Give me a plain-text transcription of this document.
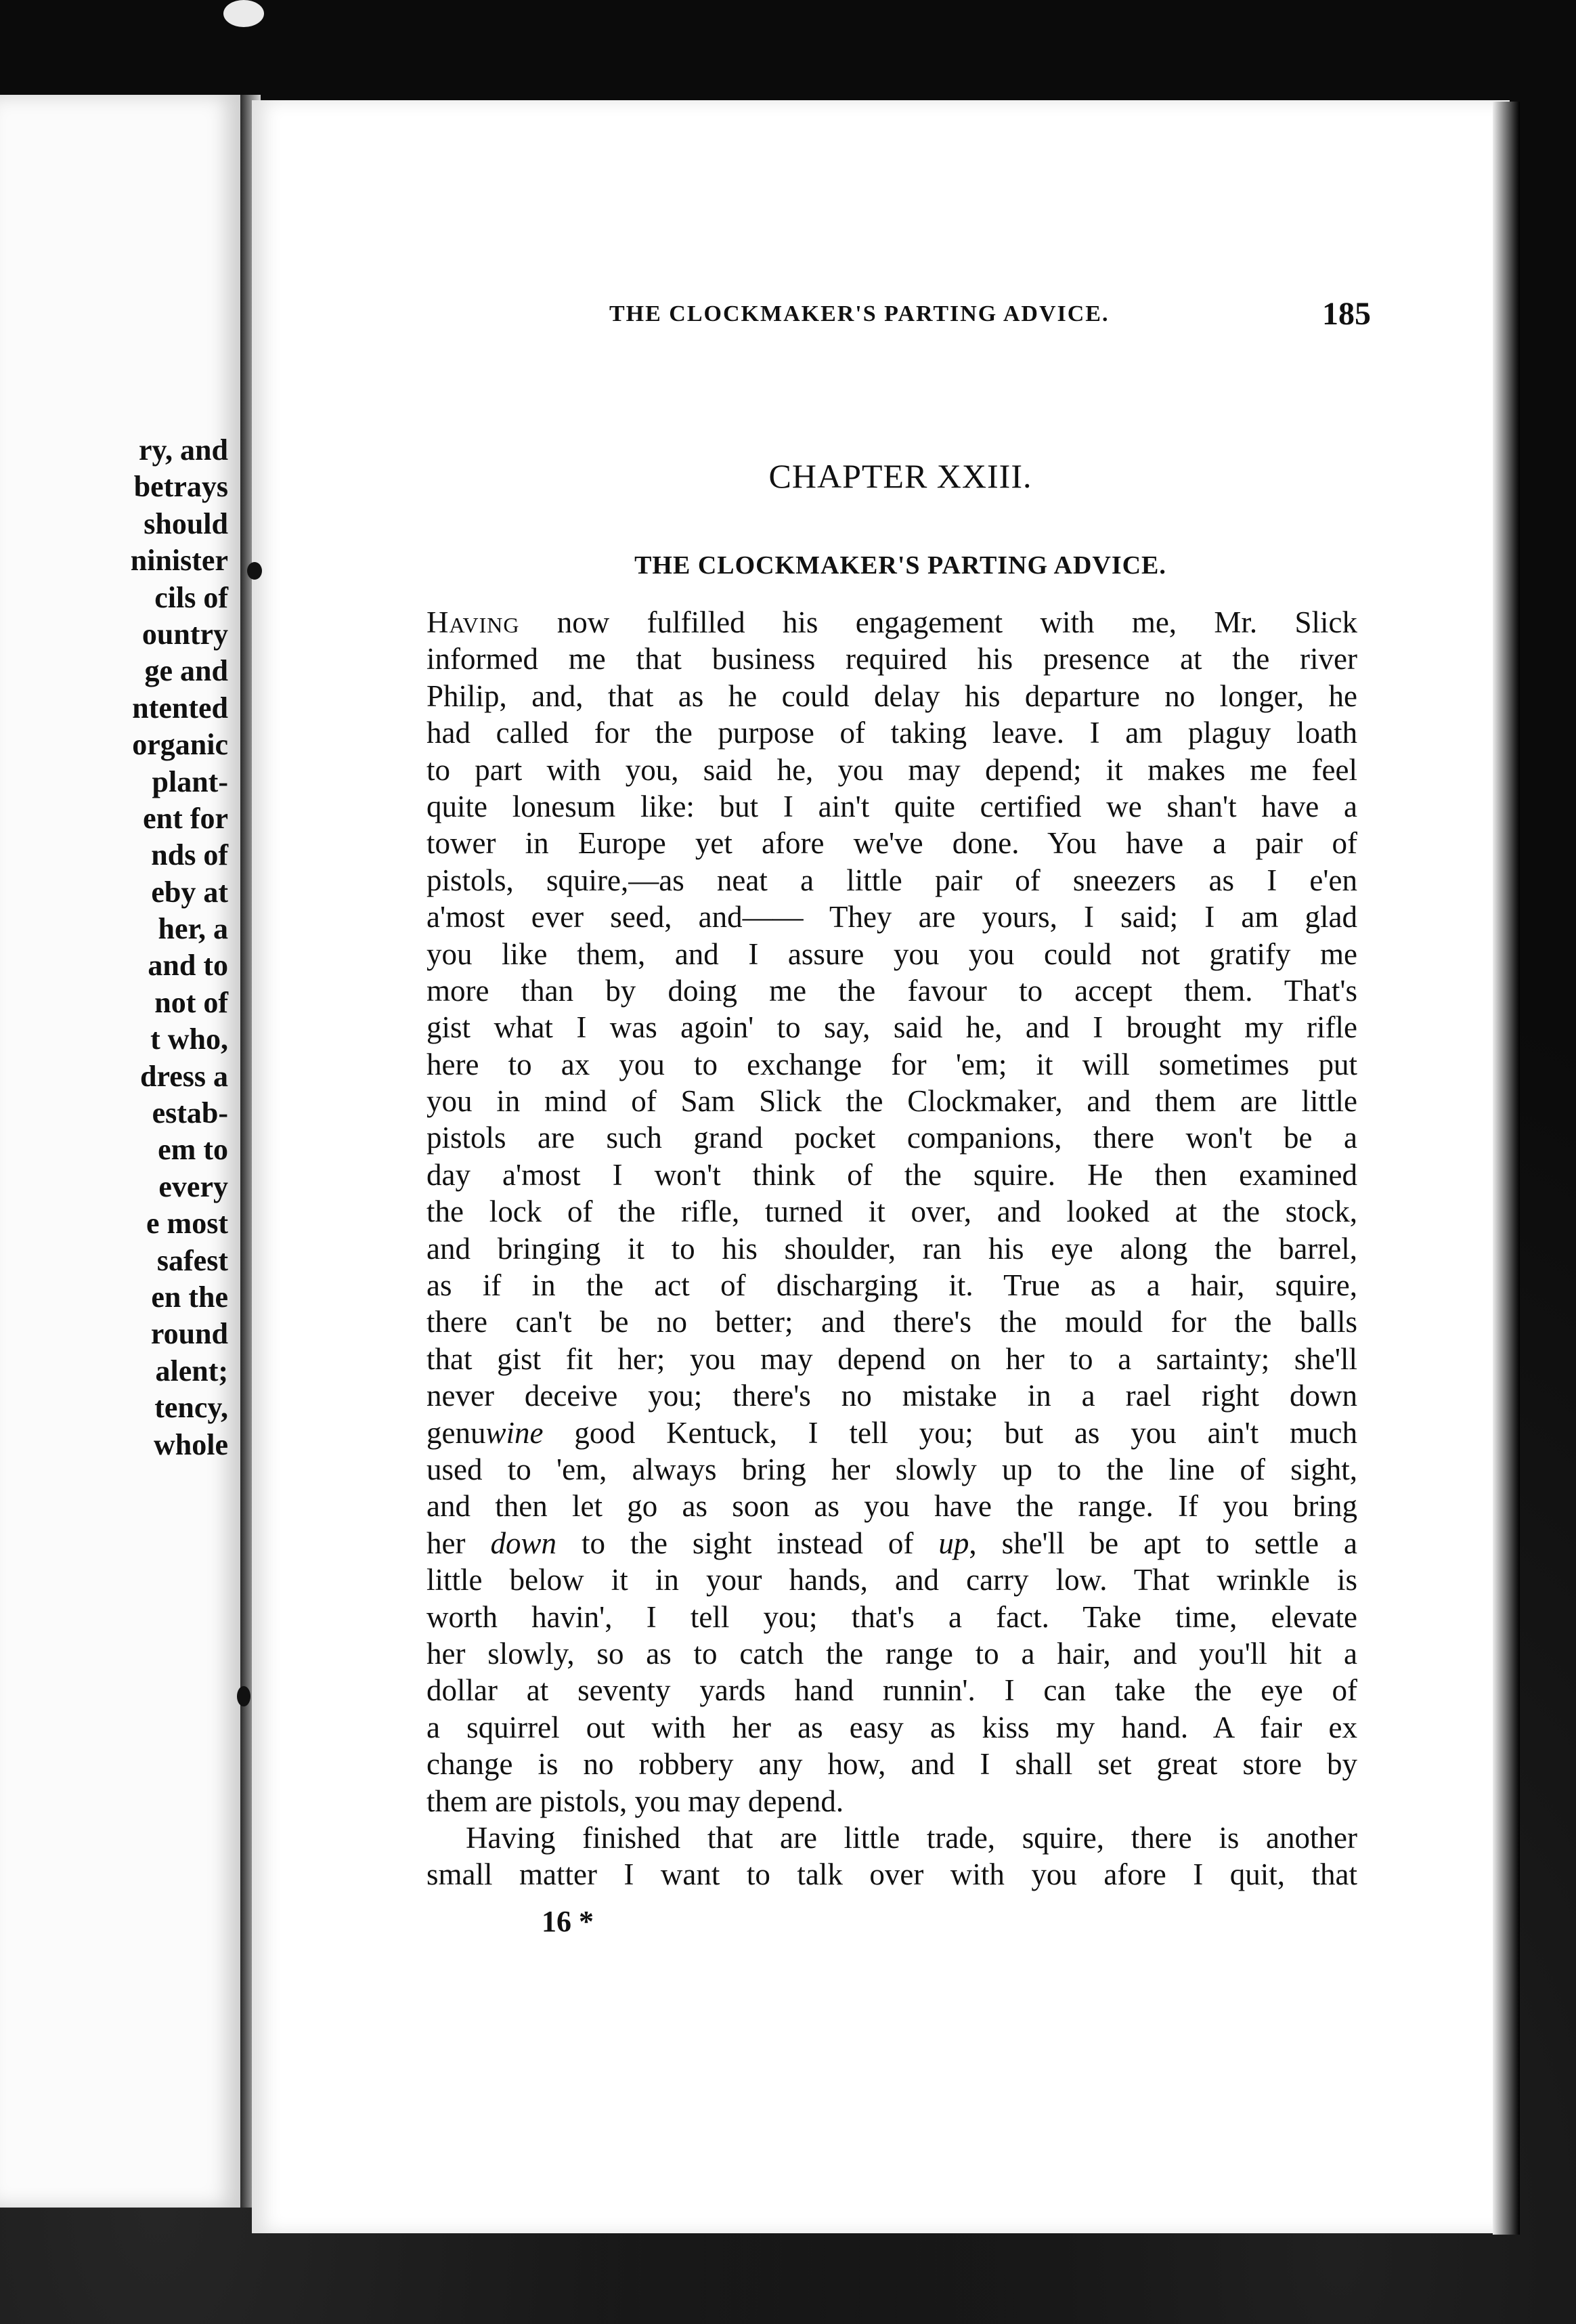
ry, and
betrays
should
ninister
cils of
ountry
ge and
ntented
organic
plant-
ent for
nds of
eby at
her, a
and to
not of
t who,
dress a
estab-
em to
every
e most
safest
en the
round
alent;
tency,
whole
THE CLOCKMAKER'S PARTING ADVICE.	185
CHAPTER XXIII.
THE CLOCKMAKER'S PARTING ADVICE.
Having now fulfilled his engagement with me, Mr. Slick
informed me that business required his presence at the river
Philip, and, that as he could delay his departure no longer, he
had called for the purpose of taking leave. I am plaguy loath
to part with you, said he, you may depend; it makes me feel
quite lonesum like: but I ain't quite certified we shan't have a
tower in Europe yet afore we've done. You have a pair of
pistols, squire,—as neat a little pair of sneezers as I e'en
a'most ever seed, and—— They are yours, I said; I am glad
you like them, and I assure you you could not gratify me
more than by doing me the favour to accept them. That's
gist what I was agoin' to say, said he, and I brought my rifle
here to ax you to exchange for 'em; it will sometimes put
you in mind of Sam Slick the Clockmaker, and them are little
pistols are such grand pocket companions, there won't be a
day a'most I won't think of the squire. He then examined
the lock of the rifle, turned it over, and looked at the stock,
and bringing it to his shoulder, ran his eye along the barrel,
as if in the act of discharging it. True as a hair, squire,
there can't be no better; and there's the mould for the balls
that gist fit her; you may depend on her to a sartainty; she'll
never deceive you; there's no mistake in a rael right down
genuwine good Kentuck, I tell you; but as you ain't much
used to 'em, always bring her slowly up to the line of sight,
and then let go as soon as you have the range. If you bring
her down to the sight instead of up, she'll be apt to settle a
little below it in your hands, and carry low. That wrinkle is
worth havin', I tell you; that's a fact. Take time, elevate
her slowly, so as to catch the range to a hair, and you'll hit a
dollar at seventy yards hand runnin'. I can take the eye of
a squirrel out with her as easy as kiss my hand. A fair ex
change is no robbery any how, and I shall set great store by
them are pistols, you may depend.
Having finished that are little trade, squire, there is another
small matter I want to talk over with you afore I quit, that
16 *
